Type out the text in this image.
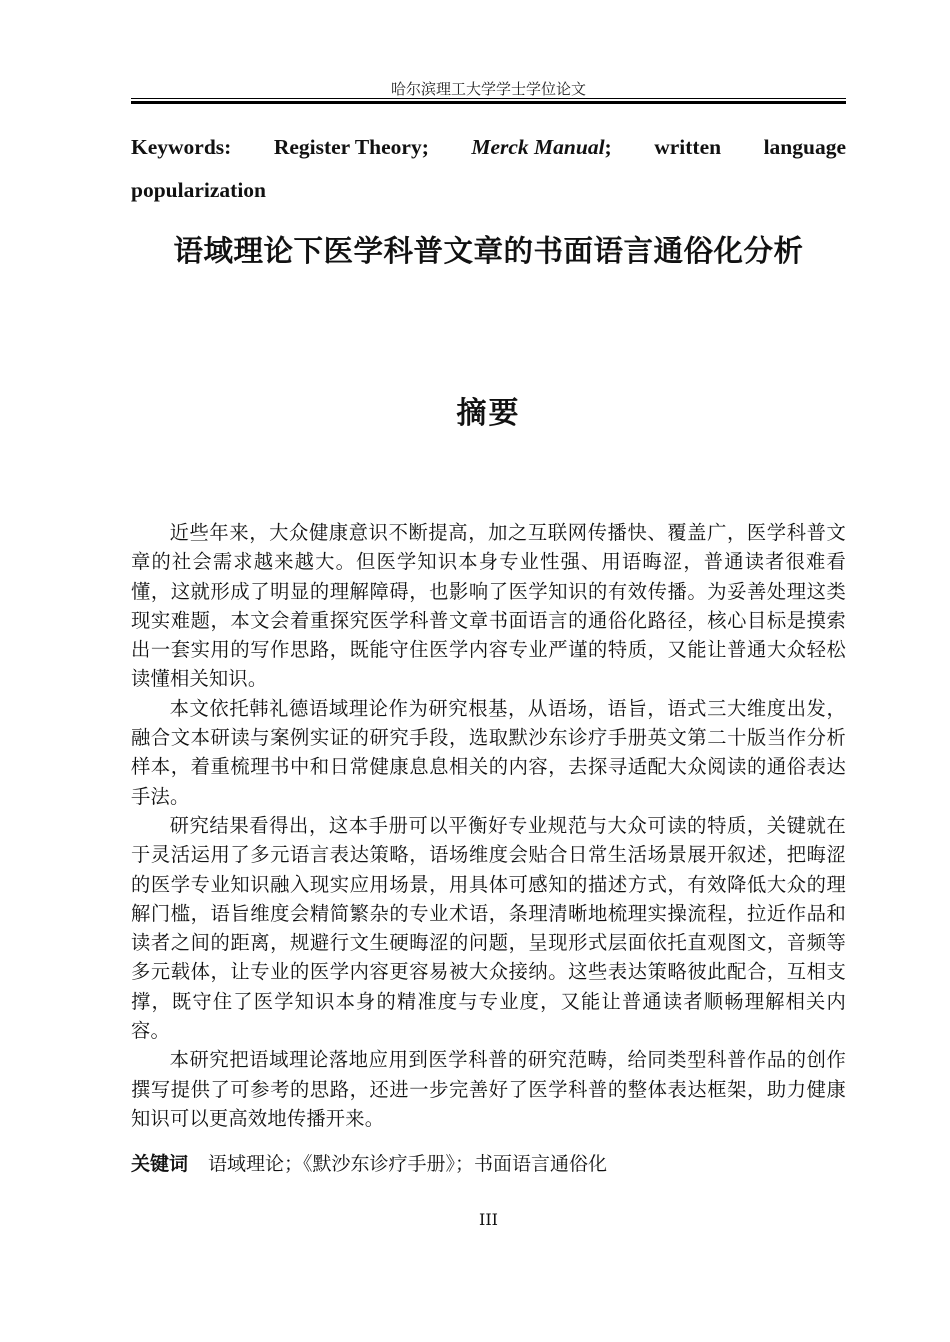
哈尔滨理工大学学士学位论文
Keywords: Register Theory; Merck Manual; written language
popularization
语域理论下医学科普文章的书面语言通俗化分析
摘要

近些年来，大众健康意识不断提高，加之互联网传播快、覆盖广，医学科普文章的社会需求越来越大。但医学知识本身专业性强、用语晦涩，普通读者很难看懂，这就形成了明显的理解障碍，也影响了医学知识的有效传播。为妥善处理这类现实难题，本文会着重探究医学科普文章书面语言的通俗化路径，核心目标是摸索出一套实用的写作思路，既能守住医学内容专业严谨的特质，又能让普通大众轻松读懂相关知识。

本文依托韩礼德语域理论作为研究根基，从语场，语旨，语式三大维度出发，融合文本研读与案例实证的研究手段，选取默沙东诊疗手册英文第二十版当作分析样本，着重梳理书中和日常健康息息相关的内容，去探寻适配大众阅读的通俗表达手法。

研究结果看得出，这本手册可以平衡好专业规范与大众可读的特质，关键就在于灵活运用了多元语言表达策略，语场维度会贴合日常生活场景展开叙述，把晦涩的医学专业知识融入现实应用场景，用具体可感知的描述方式，有效降低大众的理解门槛，语旨维度会精简繁杂的专业术语，条理清晰地梳理实操流程，拉近作品和读者之间的距离，规避行文生硬晦涩的问题，呈现形式层面依托直观图文，音频等多元载体，让专业的医学内容更容易被大众接纳。这些表达策略彼此配合，互相支撑，既守住了医学知识本身的精准度与专业度，又能让普通读者顺畅理解相关内容。

本研究把语域理论落地应用到医学科普的研究范畴，给同类型科普作品的创作撰写提供了可参考的思路，还进一步完善好了医学科普的整体表达框架，助力健康知识可以更高效地传播开来。

关键词 语域理论；《默沙东诊疗手册》；书面语言通俗化
III
